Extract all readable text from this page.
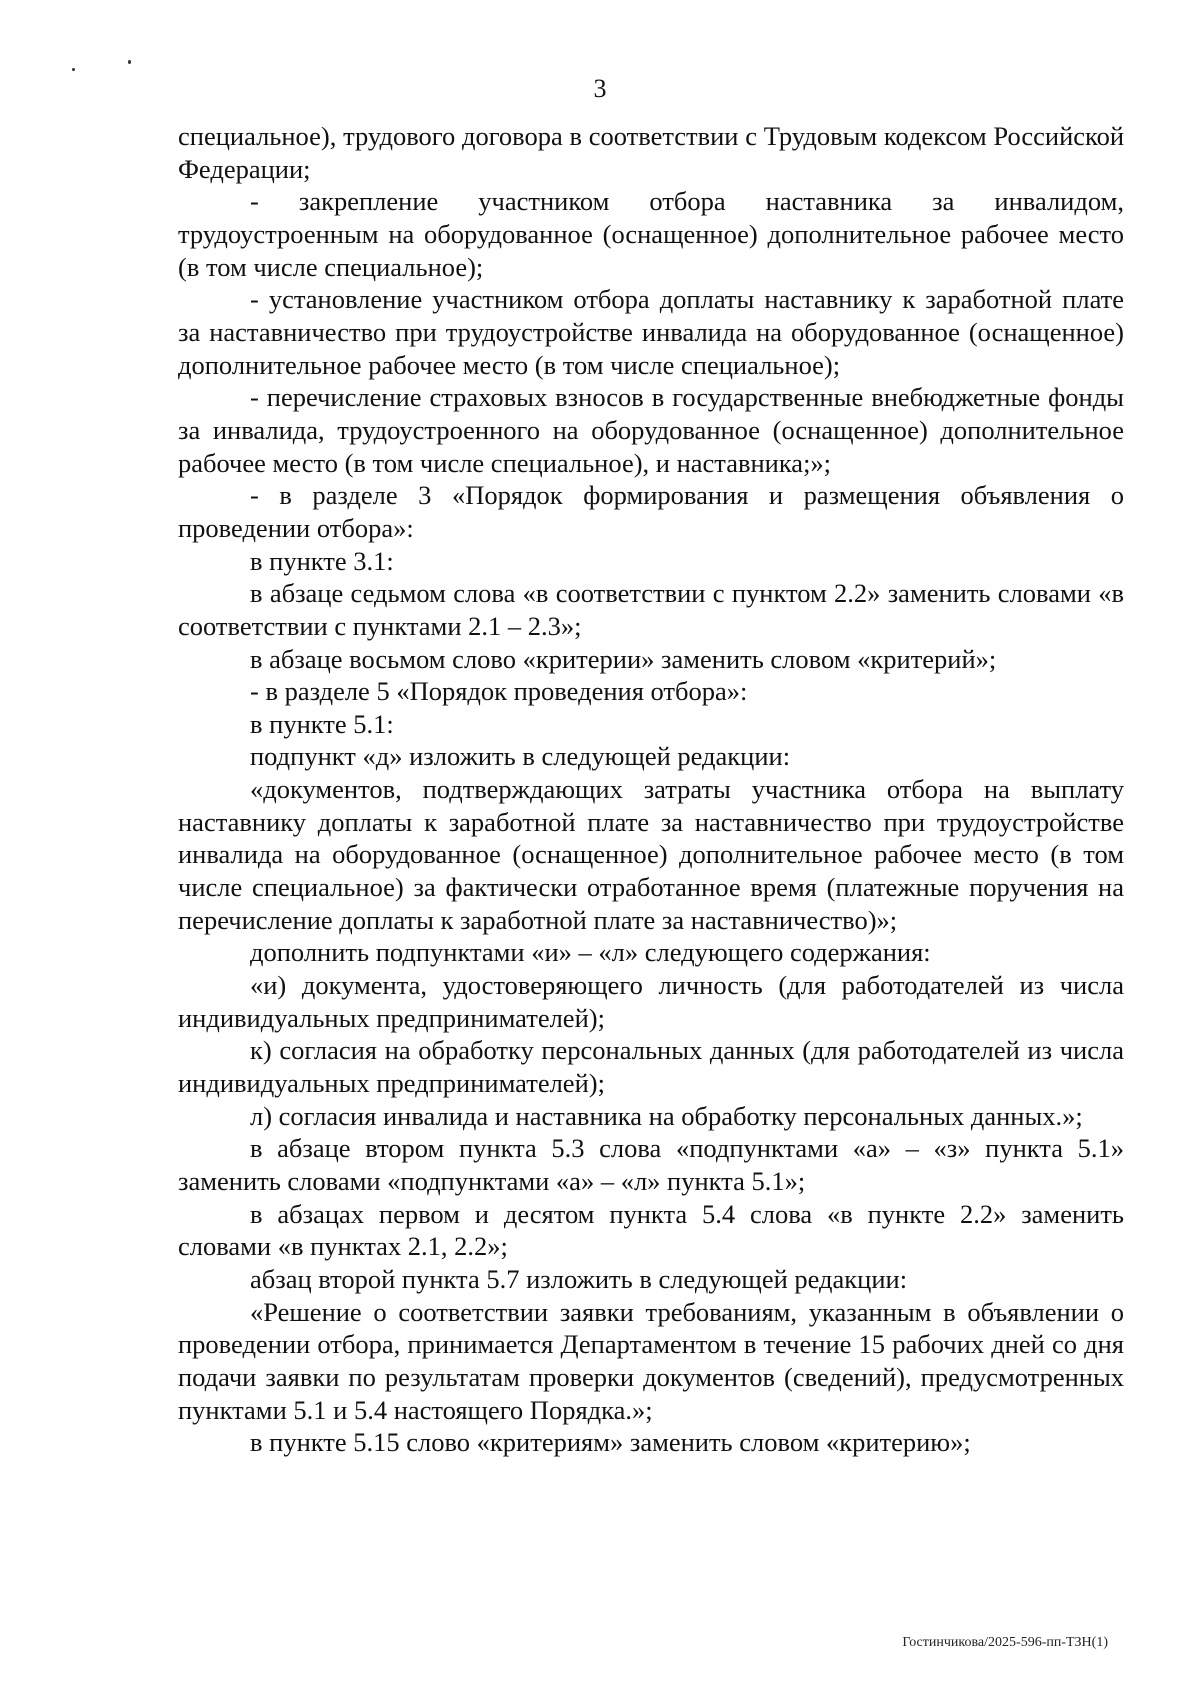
3

специальное), трудового договора в соответствии с Трудовым кодексом Российской Федерации;

- закрепление участником отбора наставника за инвалидом, трудоустроенным на оборудованное (оснащенное) дополнительное рабочее место (в том числе специальное);

- установление участником отбора доплаты наставнику к заработной плате за наставничество при трудоустройстве инвалида на оборудованное (оснащенное) дополнительное рабочее место (в том числе специальное);

- перечисление страховых взносов в государственные внебюджетные фонды за инвалида, трудоустроенного на оборудованное (оснащенное) дополнительное рабочее место (в том числе специальное), и наставника;»;

- в разделе 3 «Порядок формирования и размещения объявления о проведении отбора»:

в пункте 3.1:

в абзаце седьмом слова «в соответствии с пунктом 2.2» заменить словами «в соответствии с пунктами 2.1 – 2.3»;

в абзаце восьмом слово «критерии» заменить словом «критерий»;

- в разделе 5 «Порядок проведения отбора»:

в пункте 5.1:

подпункт «д» изложить в следующей редакции:

«документов, подтверждающих затраты участника отбора на выплату наставнику доплаты к заработной плате за наставничество при трудоустройстве инвалида на оборудованное (оснащенное) дополнительное рабочее место (в том числе специальное) за фактически отработанное время (платежные поручения на перечисление доплаты к заработной плате за наставничество)»;

дополнить подпунктами «и» – «л» следующего содержания:

«и) документа, удостоверяющего личность (для работодателей из числа индивидуальных предпринимателей);

к) согласия на обработку персональных данных (для работодателей из числа индивидуальных предпринимателей);

л) согласия инвалида и наставника на обработку персональных данных.»;

в абзаце втором пункта 5.3 слова «подпунктами «а» – «з» пункта 5.1» заменить словами «подпунктами «а» – «л» пункта 5.1»;

в абзацах первом и десятом пункта 5.4 слова «в пункте 2.2» заменить словами «в пунктах 2.1, 2.2»;

абзац второй пункта 5.7 изложить в следующей редакции:

«Решение о соответствии заявки требованиям, указанным в объявлении о проведении отбора, принимается Департаментом в течение 15 рабочих дней со дня подачи заявки по результатам проверки документов (сведений), предусмотренных пунктами 5.1 и 5.4 настоящего Порядка.»;

в пункте 5.15 слово «критериям» заменить словом «критерию»;

Гостинчикова/2025-596-пп-ТЗН(1)
